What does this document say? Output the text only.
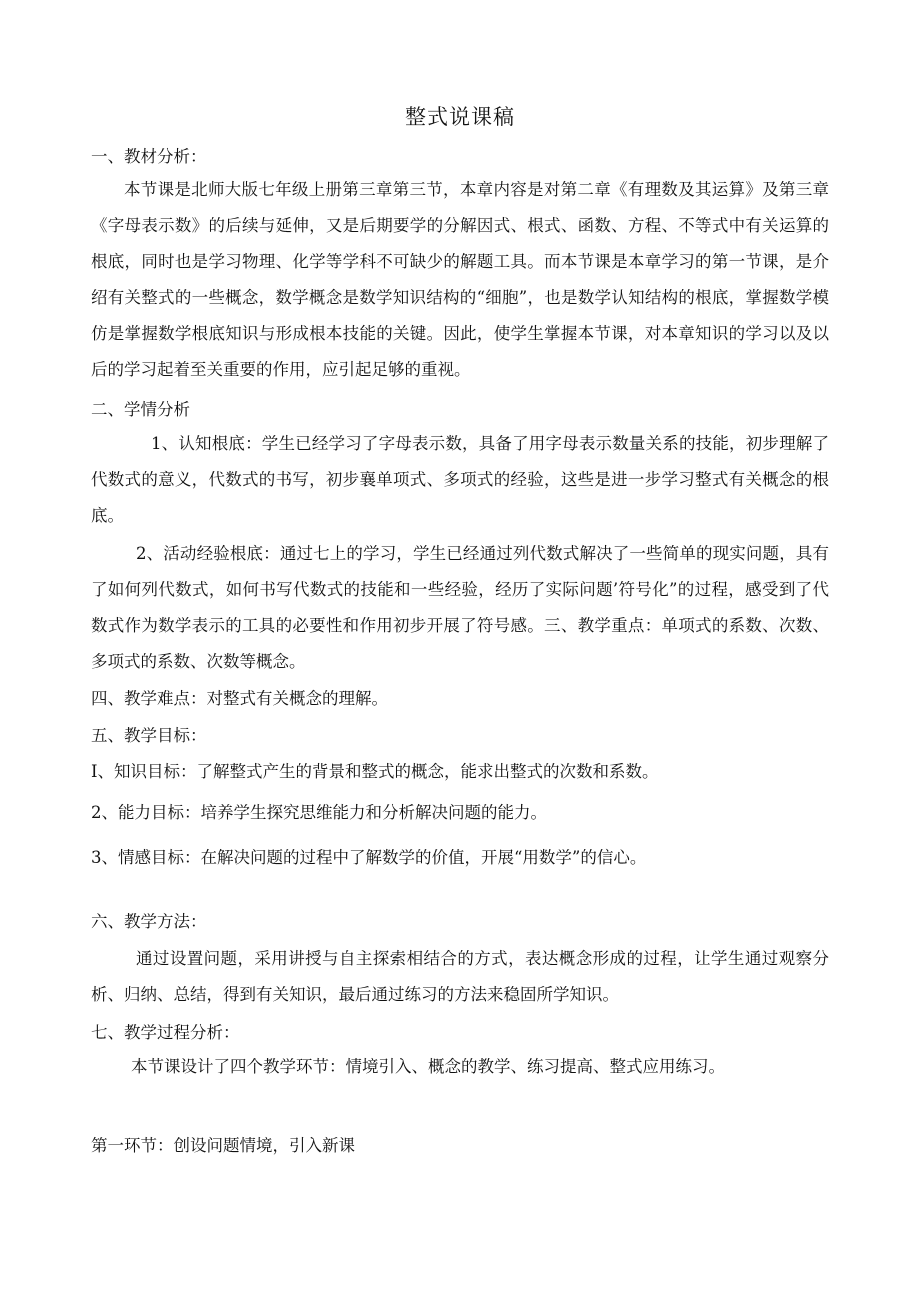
整式说课稿
一、教材分析：
本节课是北师大版七年级上册第三章第三节，本章内容是对第二章《有理数及其运算》及第三章《字母表示数》的后续与延伸，又是后期要学的分解因式、根式、函数、方程、不等式中有关运算的根底，同时也是学习物理、化学等学科不可缺少的解题工具。而本节课是本章学习的第一节课，是介绍有关整式的一些概念，数学概念是数学知识结构的“细胞”，也是数学认知结构的根底，掌握数学模仿是掌握数学根底知识与形成根本技能的关键。因此，使学生掌握本节课，对本章知识的学习以及以后的学习起着至关重要的作用，应引起足够的重视。
二、学情分析
1、认知根底：学生已经学习了字母表示数，具备了用字母表示数量关系的技能，初步理解了代数式的意义，代数式的书写，初步襄单项式、多项式的经验，这些是进一步学习整式有关概念的根底。
2、活动经验根底：通过七上的学习，学生已经通过列代数式解决了一些简单的现实问题，具有了如何列代数式，如何书写代数式的技能和一些经验，经历了实际问题’符号化”的过程，感受到了代数式作为数学表示的工具的必要性和作用初步开展了符号感。三、教学重点：单项式的系数、次数、多项式的系数、次数等概念。
四、教学难点：对整式有关概念的理解。
五、教学目标：
I、知识目标：了解整式产生的背景和整式的概念，能求出整式的次数和系数。
2、能力目标：培养学生探究思维能力和分析解决问题的能力。
3、情感目标：在解决问题的过程中了解数学的价值，开展“用数学”的信心。
六、教学方法：
通过设置问题，采用讲授与自主探索相结合的方式，表达概念形成的过程，让学生通过观察分析、归纳、总结，得到有关知识，最后通过练习的方法来稳固所学知识。
七、教学过程分析：
本节课设计了四个教学环节：情境引入、概念的教学、练习提高、整式应用练习。
第一环节：创设问题情境，引入新课
